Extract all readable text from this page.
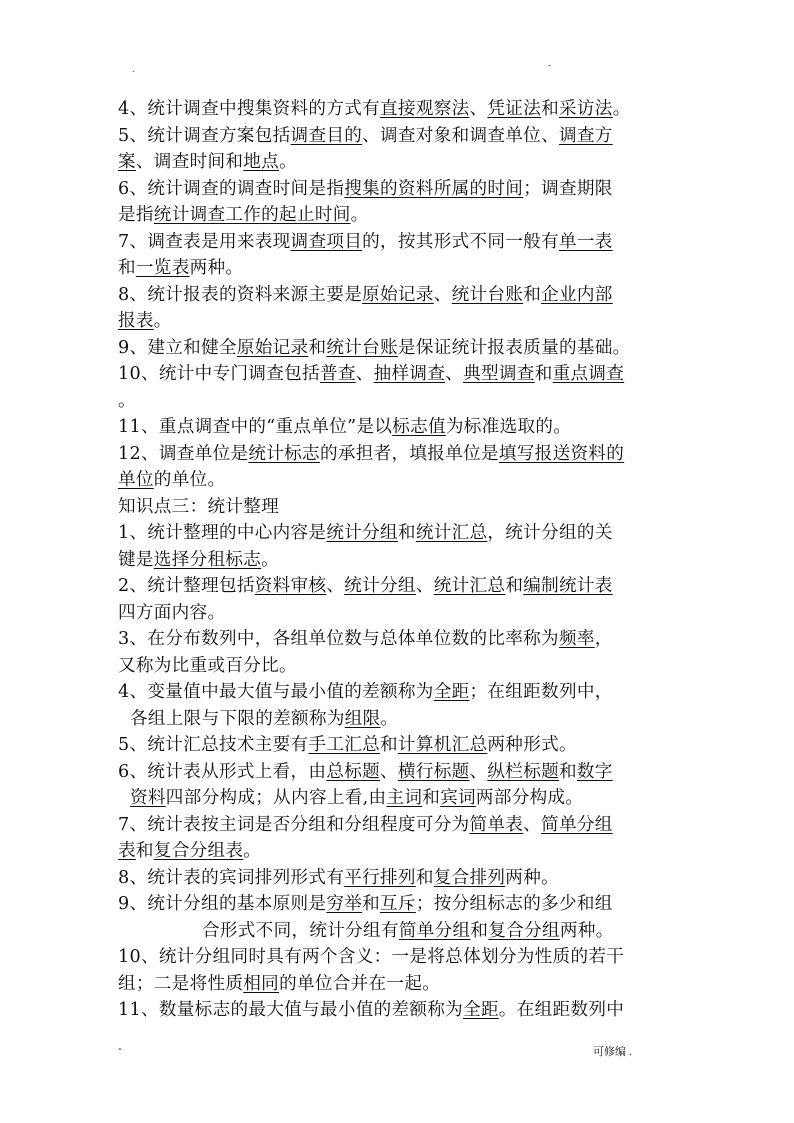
.	-
4、统计调查中搜集资料的方式有直接观察法、凭证法和采访法。
5、统计调查方案包括调查目的、调查对象和调查单位、调查方
案、调查时间和地点。
6、统计调查的调查时间是指搜集的资料所属的时间；调查期限
是指统计调查工作的起止时间。
7、调查表是用来表现调查项目的，按其形式不同一般有单一表
和一览表两种。
8、统计报表的资料来源主要是原始记录、统计台账和企业内部
报表。
9、建立和健全原始记录和统计台账是保证统计报表质量的基础。
10、统计中专门调查包括普查、抽样调查、典型调查和重点调查
。
11、重点调查中的“重点单位”是以标志值为标准选取的。
12、调查单位是统计标志的承担者，填报单位是填写报送资料的
单位的单位。
知识点三：统计整理
1、统计整理的中心内容是统计分组和统计汇总，统计分组的关
键是选择分租标志。
2、统计整理包括资料审核、统计分组、统计汇总和编制统计表
四方面内容。
3、在分布数列中，各组单位数与总体单位数的比率称为频率，
又称为比重或百分比。
4、变量值中最大值与最小值的差额称为全距；在组距数列中，
各组上限与下限的差额称为组限。
5、统计汇总技术主要有手工汇总和计算机汇总两种形式。
6、统计表从形式上看，由总标题、横行标题、纵栏标题和数字
资料四部分构成；从内容上看,由主词和宾词两部分构成。
7、统计表按主词是否分组和分组程度可分为简单表、简单分组
表和复合分组表。
8、统计表的宾词排列形式有平行排列和复合排列两种。
9、统计分组的基本原则是穷举和互斥；按分组标志的多少和组
合形式不同，统计分组有简单分组和复合分组两种。
10、统计分组同时具有两个含义：一是将总体划分为性质的若干
组；二是将性质相同的单位合并在一起。
11、数量标志的最大值与最小值的差额称为全距。在组距数列中
-	可修编 .
